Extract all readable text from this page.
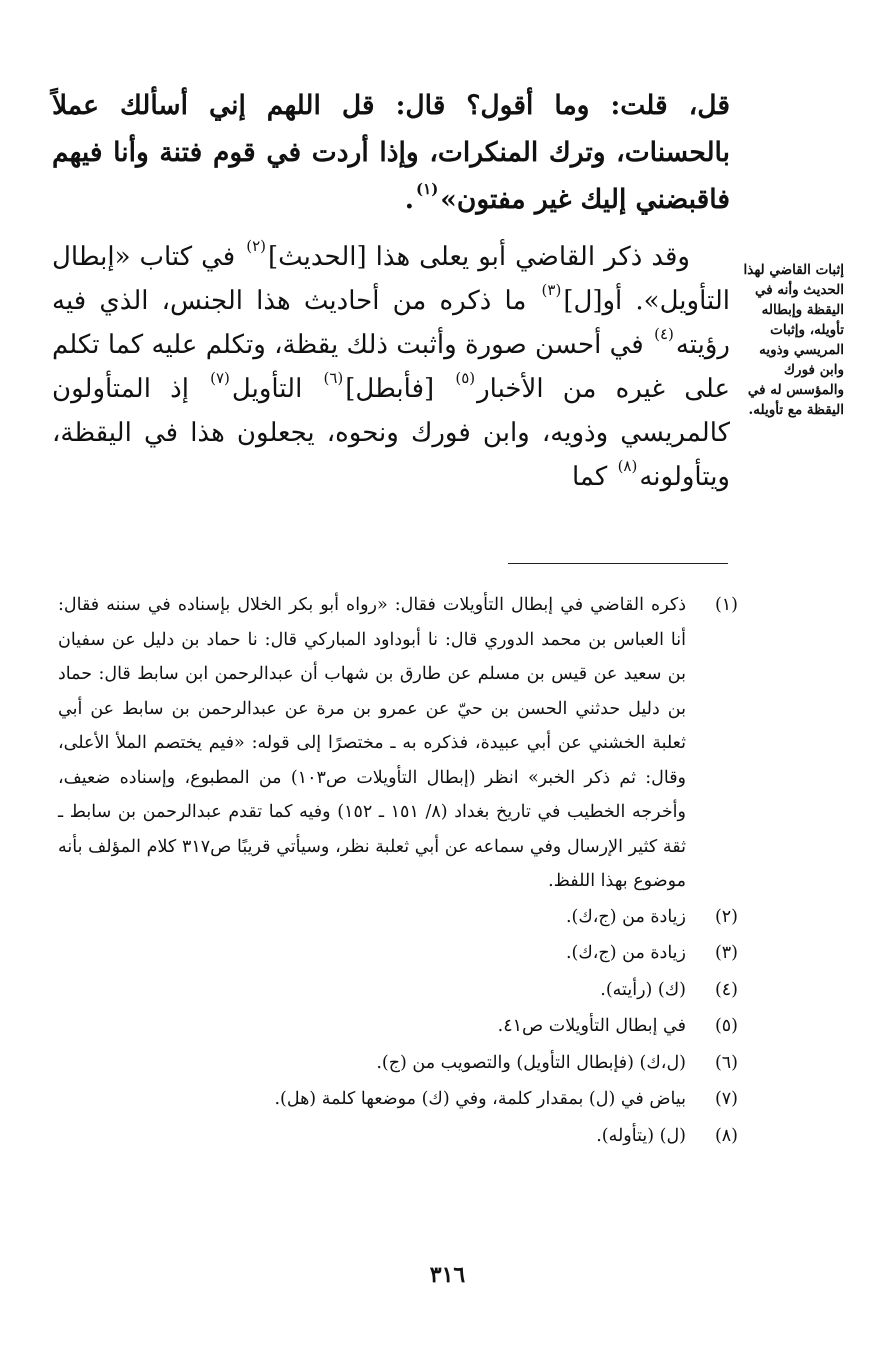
قل، قلت: وما أقول؟ قال: قل اللهم إني أسألك عملاً بالحسنات، وترك المنكرات، وإذا أردت في قوم فتنة وأنا فيهم فاقبضني إليك غير مفتون»$^{(١)}$.

وقد ذكر القاضي أبو يعلى هذا [الحديث]$^{(٢)}$ في كتاب «إبطال التأويل». أو[ل]$^{(٣)}$ ما ذكره من أحاديث هذا الجنس، الذي فيه رؤيته$^{(٤)}$ في أحسن صورة وأثبت ذلك يقظة، وتكلم عليه كما تكلم على غيره من الأخبار$^{(٥)}$ [فأبطل]$^{(٦)}$ التأويل$^{(٧)}$ إذ المتأولون كالمريسي وذويه، وابن فورك ونحوه، يجعلون هذا في اليقظة، ويتأولونه$^{(٨)}$ كما

إثبات القاضي لهذا الحديث وأنه في اليقظة وإبطاله تأويله، وإثبات المريسي وذويه وابن فورك والمؤسس له في اليقظة مع تأويله.
(١)
ذكره القاضي في إبطال التأويلات فقال: «رواه أبو بكر الخلال بإسناده في سننه فقال: أنا العباس بن محمد الدوري قال: نا أبوداود المباركي قال: نا حماد بن دليل عن سفيان بن سعيد عن قيس بن مسلم عن طارق بن شهاب أن عبدالرحمن ابن سابط قال: حماد بن دليل حدثني الحسن بن حيّ عن عمرو بن مرة عن عبدالرحمن بن سابط عن أبي ثعلبة الخشني عن أبي عبيدة، فذكره به ـ مختصرًا إلى قوله: «فيم يختصم الملأ الأعلى، وقال: ثم ذكر الخبر» انظر (إبطال التأويلات ص١٠٣) من المطبوع، وإسناده ضعيف، وأخرجه الخطيب في تاريخ بغداد (٨/ ١٥١ ـ ١٥٢) وفيه كما تقدم عبدالرحمن بن سابط ـ ثقة كثير الإرسال وفي سماعه عن أبي ثعلبة نظر، وسيأتي قريبًا ص٣١٧ كلام المؤلف بأنه موضوع بهذا اللفظ.
(٢)
زيادة من (ج،ك).
(٣)
زيادة من (ج،ك).
(٤)
(ك) (رأيته).
(٥)
في إبطال التأويلات ص٤١.
(٦)
(ل،ك) (فإبطال التأويل) والتصويب من (ج).
(٧)
بياض في (ل) بمقدار كلمة، وفي (ك) موضعها كلمة (هل).
(٨)
(ل) (يتأوله).
٣١٦
